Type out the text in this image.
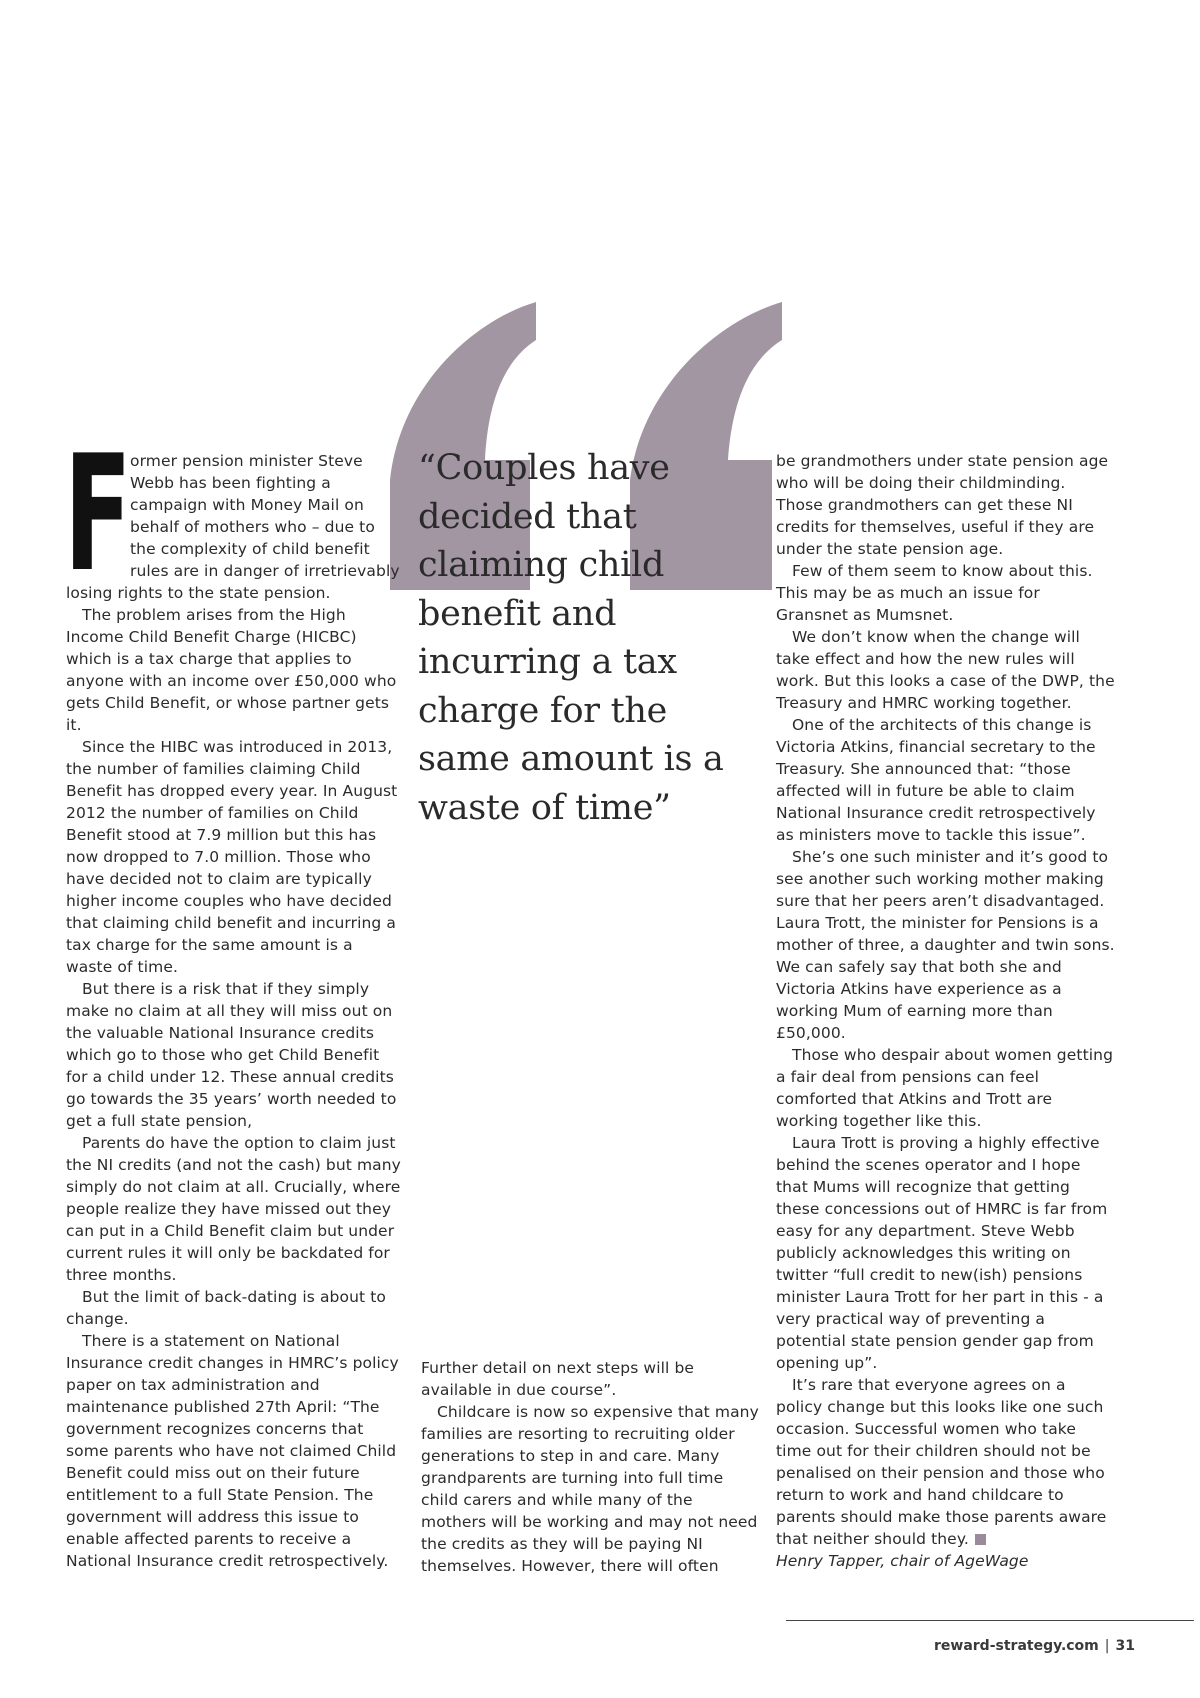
“Couples have decided that claiming child benefit and incurring a tax charge for the same amount is a waste of time”

F
ormer pension minister Steve Webb has been fighting a campaign with Money Mail on behalf of mothers who – due to the complexity of child benefit rules are in danger of irretrievably losing rights to the state pension.

The problem arises from the High Income Child Benefit Charge (HICBC) which is a tax charge that applies to anyone with an income over £50,000 who gets Child Benefit, or whose partner gets it.

Since the HIBC was introduced in 2013, the number of families claiming Child Benefit has dropped every year. In August 2012 the number of families on Child Benefit stood at 7.9 million but this has now dropped to 7.0 million. Those who have decided not to claim are typically higher income couples who have decided that claiming child benefit and incurring a tax charge for the same amount is a waste of time.

But there is a risk that if they simply make no claim at all they will miss out on the valuable National Insurance credits which go to those who get Child Benefit for a child under 12. These annual credits go towards the 35 years’ worth needed to get a full state pension,

Parents do have the option to claim just the NI credits (and not the cash) but many simply do not claim at all. Crucially, where people realize they have missed out they can put in a Child Benefit claim but under current rules it will only be backdated for three months.

But the limit of back-dating is about to change.

There is a statement on National Insurance credit changes in HMRC’s policy paper on tax administration and maintenance published 27th April: “The government recognizes concerns that some parents who have not claimed Child Benefit could miss out on their future entitlement to a full State Pension. The government will address this issue to enable affected parents to receive a National Insurance credit retrospectively.

Further detail on next steps will be available in due course”.

Childcare is now so expensive that many families are resorting to recruiting older generations to step in and care. Many grandparents are turning into full time child carers and while many of the mothers will be working and may not need the credits as they will be paying NI themselves. However, there will often

be grandmothers under state pension age who will be doing their childminding. Those grandmothers can get these NI credits for themselves, useful if they are under the state pension age.

Few of them seem to know about this. This may be as much an issue for Gransnet as Mumsnet.

We don’t know when the change will take effect and how the new rules will work. But this looks a case of the DWP, the Treasury and HMRC working together.

One of the architects of this change is Victoria Atkins, financial secretary to the Treasury. She announced that: “those affected will in future be able to claim National Insurance credit retrospectively as ministers move to tackle this issue”.

She’s one such minister and it’s good to see another such working mother making sure that her peers aren’t disadvantaged. Laura Trott, the minister for Pensions is a mother of three, a daughter and twin sons. We can safely say that both she and Victoria Atkins have experience as a working Mum of earning more than £50,000.

Those who despair about women getting a fair deal from pensions can feel comforted that Atkins and Trott are working together like this.

Laura Trott is proving a highly effective behind the scenes operator and I hope that Mums will recognize that getting these concessions out of HMRC is far from easy for any department. Steve Webb publicly acknowledges this writing on twitter “full credit to new(ish) pensions minister Laura Trott for her part in this - a very practical way of preventing a potential state pension gender gap from opening up”.

It’s rare that everyone agrees on a policy change but this looks like one such occasion. Successful women who take time out for their children should not be penalised on their pension and those who return to work and hand childcare to parents should make those parents aware that neither should they.

Henry Tapper, chair of AgeWage

reward-strategy.com | 31
